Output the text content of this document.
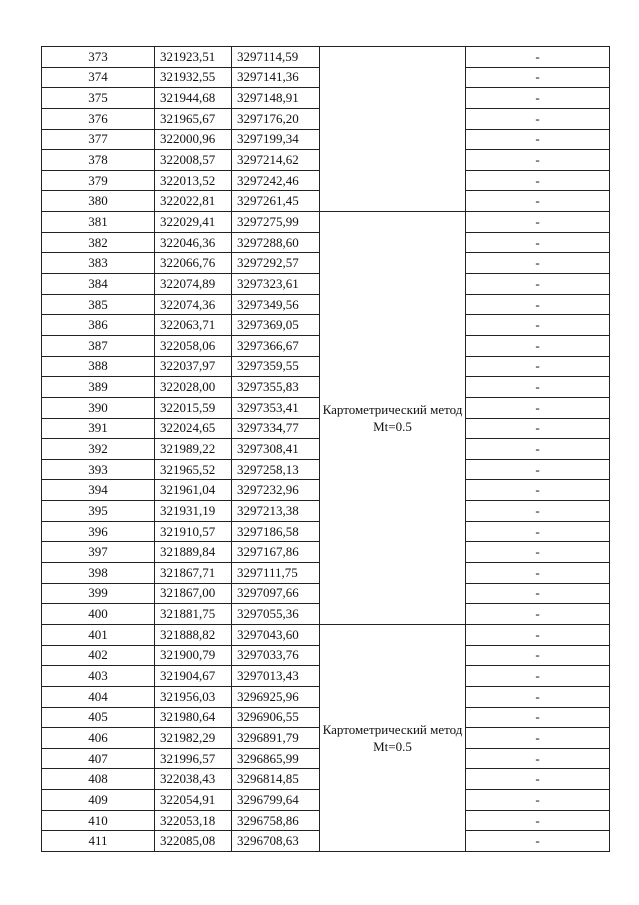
373	321923,51	3297114,59		-
374	321932,55	3297141,36		-
375	321944,68	3297148,91		-
376	321965,67	3297176,20		-
377	322000,96	3297199,34		-
378	322008,57	3297214,62		-
379	322013,52	3297242,46		-
380	322022,81	3297261,45		-
381	322029,41	3297275,99	Картометрический метод Mt=0.5	-
382	322046,36	3297288,60		-
383	322066,76	3297292,57		-
384	322074,89	3297323,61		-
385	322074,36	3297349,56		-
386	322063,71	3297369,05		-
387	322058,06	3297366,67		-
388	322037,97	3297359,55		-
389	322028,00	3297355,83		-
390	322015,59	3297353,41		-
391	322024,65	3297334,77		-
392	321989,22	3297308,41		-
393	321965,52	3297258,13		-
394	321961,04	3297232,96		-
395	321931,19	3297213,38		-
396	321910,57	3297186,58		-
397	321889,84	3297167,86		-
398	321867,71	3297111,75		-
399	321867,00	3297097,66		-
400	321881,75	3297055,36		-
401	321888,82	3297043,60	Картометрический метод Mt=0.5	-
402	321900,79	3297033,76		-
403	321904,67	3297013,43		-
404	321956,03	3296925,96		-
405	321980,64	3296906,55		-
406	321982,29	3296891,79		-
407	321996,57	3296865,99		-
408	322038,43	3296814,85		-
409	322054,91	3296799,64		-
410	322053,18	3296758,86		-
411	322085,08	3296708,63		-
